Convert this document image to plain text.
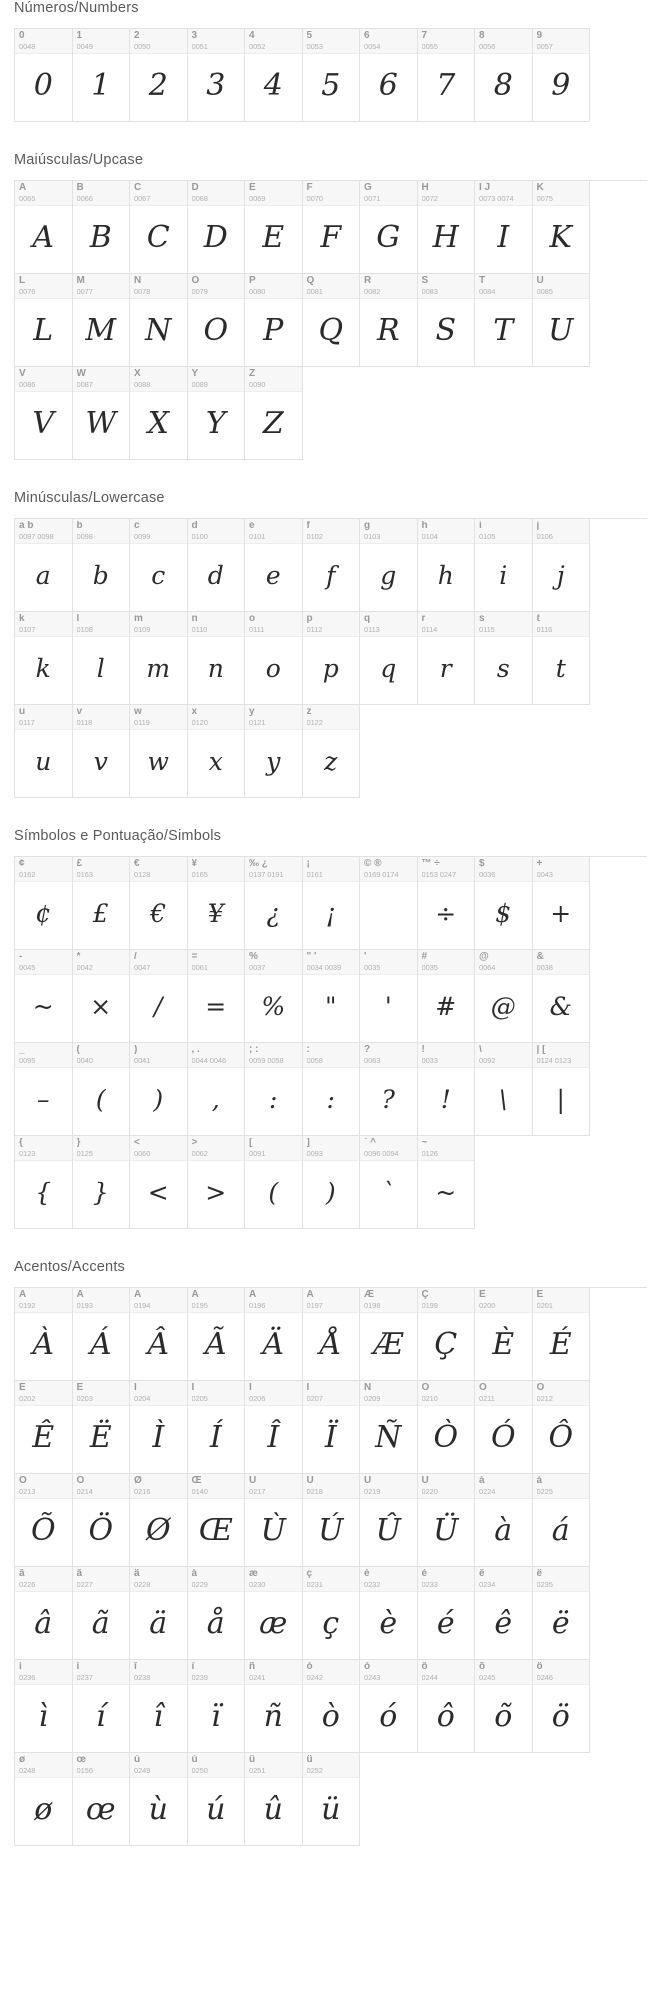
Números/Numbers
0
0048
0
1
0049
1
2
0050
2
3
0051
3
4
0052
4
5
0053
5
6
0054
6
7
0055
7
8
0056
8
9
0057
9
Maiúsculas/Upcase
A
0065
A
B
0066
B
C
0067
C
D
0068
D
E
0069
E
F
0070
F
G
0071
G
H
0072
H
I J
0073 0074
I
K
0075
K
L
0076
L
M
0077
M
N
0078
N
O
0079
O
P
0080
P
Q
0081
Q
R
0082
R
S
0083
S
T
0084
T
U
0085
U
V
0086
V
W
0087
W
X
0088
X
Y
0089
Y
Z
0090
Z
Minúsculas/Lowercase
a b
0097 0098
a
b
0098
b
c
0099
c
d
0100
d
e
0101
e
f
0102
f
g
0103
g
h
0104
h
i
0105
i
j
0106
j
k
0107
k
l
0108
l
m
0109
m
n
0110
n
o
0111
o
p
0112
p
q
0113
q
r
0114
r
s
0115
s
t
0116
t
u
0117
u
v
0118
v
w
0119
w
x
0120
x
y
0121
y
z
0122
z
Símbolos e Pontuação/Simbols
¢
0162
¢
£
0163
£
€
0128
€
¥
0165
¥
‰ ¿
0137 0191
¿
¡
0161
¡
© ®
0169 0174
™ ÷
0153 0247
÷
$
0036
$
+
0043
+
-
0045
~
*
0042
×
/
0047
/
=
0061
=
%
0037
%
" '
0034 0039
"
'
0035
'
#
0035
#
@
0064
@
&
0038
&
_
0095
–
(
0040
(
)
0041
)
, .
0044 0046
,
; :
0059 0058
:
:
0058
:
?
0063
?
!
0033
!
\
0092
\
| [
0124 0123
|
{
0123
{
}
0125
}
<
0060
<
>
0062
>
[
0091
(
]
0093
)
` ^
0096 0094
`
~
0126
~
Acentos/Accents
À
0192
À
Á
0193
Á
Â
0194
Â
Ã
0195
Ã
Ä
0196
Ä
Å
0197
Å
Æ
0198
Æ
Ç
0199
Ç
È
0200
È
É
0201
É
Ê
0202
Ê
Ë
0203
Ë
Ì
0204
Ì
Í
0205
Í
Î
0206
Î
Ï
0207
Ï
Ñ
0209
Ñ
Ò
0210
Ò
Ó
0211
Ó
Ô
0212
Ô
Õ
0213
Õ
Ö
0214
Ö
Ø
0216
Ø
Œ
0140
Œ
Ù
0217
Ù
Ú
0218
Ú
Û
0219
Û
Ü
0220
Ü
à
0224
à
á
0225
á
â
0226
â
ã
0227
ã
ä
0228
ä
å
0229
å
æ
0230
æ
ç
0231
ç
è
0232
è
é
0233
é
ê
0234
ê
ë
0235
ë
ì
0236
ì
í
0237
í
î
0238
î
ï
0239
ï
ñ
0241
ñ
ò
0242
ò
ó
0243
ó
ô
0244
ô
õ
0245
õ
ö
0246
ö
ø
0248
ø
œ
0156
œ
ù
0249
ù
ú
0250
ú
û
0251
û
ü
0252
ü
